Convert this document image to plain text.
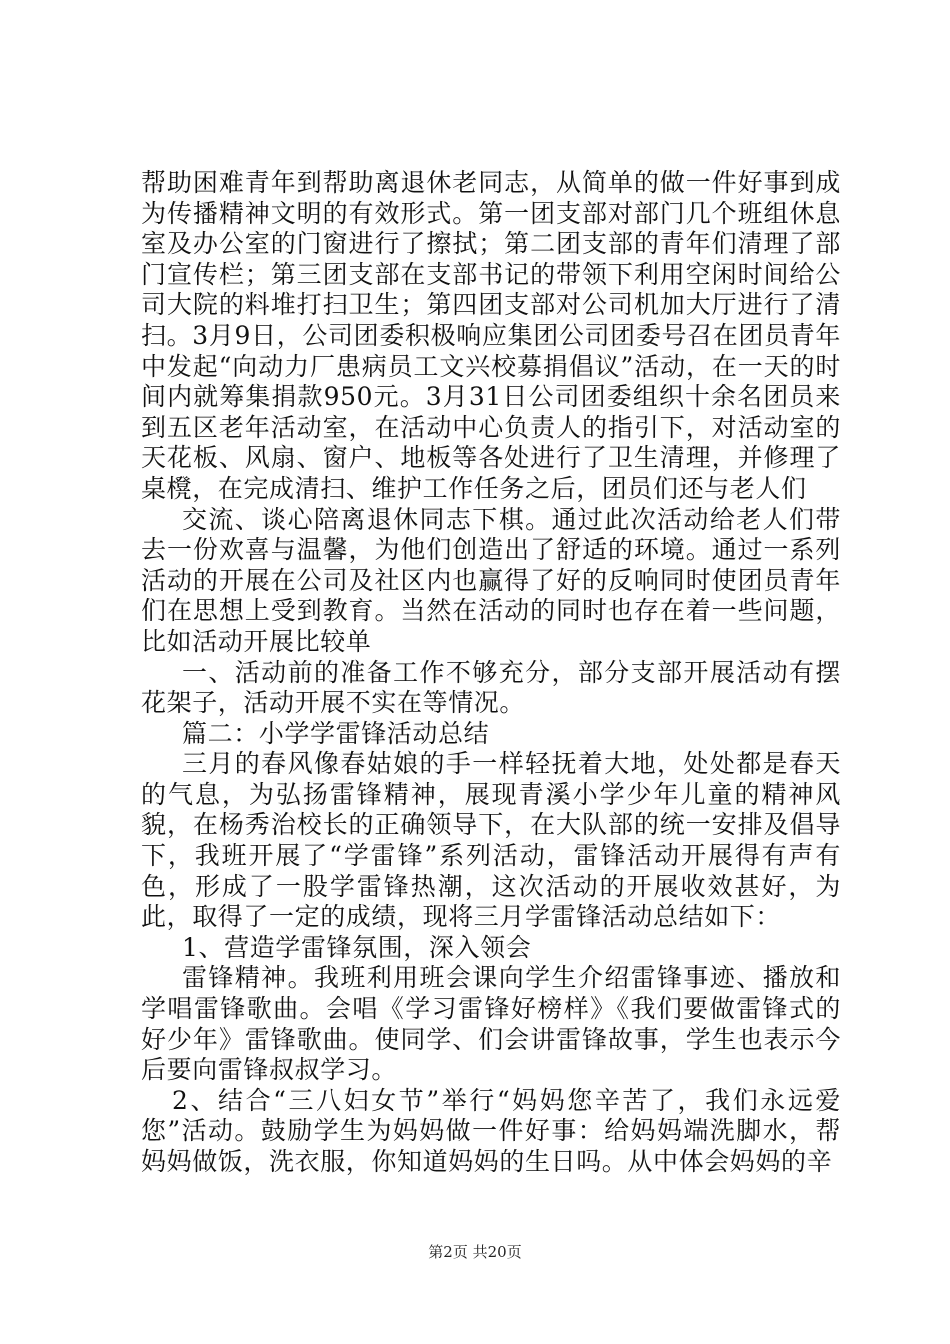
帮助困难青年到帮助离退休老同志，从简单的做一件好事到成为传播精神文明的有效形式。第一团支部对部门几个班组休息室及办公室的门窗进行了擦拭；第二团支部的青年们清理了部门宣传栏；第三团支部在支部书记的带领下利用空闲时间给公司大院的料堆打扫卫生；第四团支部对公司机加大厅进行了清扫。3月9日，公司团委积极响应集团公司团委号召在团员青年中发起“向动力厂患病员工文兴校募捐倡议”活动，在一天的时间内就筹集捐款950元。3月31日公司团委组织十余名团员来到五区老年活动室，在活动中心负责人的指引下，对活动室的天花板、风扇、窗户、地板等各处进行了卫生清理，并修理了桌櫈，在完成清扫、维护工作任务之后，团员们还与老人们

交流、谈心陪离退休同志下棋。通过此次活动给老人们带去一份欢喜与温馨，为他们创造出了舒适的环境。通过一系列活动的开展在公司及社区内也赢得了好的反响同时使团员青年们在思想上受到教育。当然在活动的同时也存在着一些问题，比如活动开展比较单

一、活动前的准备工作不够充分，部分支部开展活动有摆花架子，活动开展不实在等情况。

篇二：小学学雷锋活动总结

三月的春风像春姑娘的手一样轻抚着大地，处处都是春天的气息，为弘扬雷锋精神，展现青溪小学少年儿童的精神风貌，在杨秀治校长的正确领导下，在大队部的统一安排及倡导下，我班开展了“学雷锋”系列活动，雷锋活动开展得有声有色，形成了一股学雷锋热潮，这次活动的开展收效甚好，为此，取得了一定的成绩，现将三月学雷锋活动总结如下：

1、营造学雷锋氛围，深入领会

雷锋精神。我班利用班会课向学生介绍雷锋事迹、播放和学唱雷锋歌曲。会唱《学习雷锋好榜样》《我们要做雷锋式的好少年》雷锋歌曲。使同学、们会讲雷锋故事，学生也表示今后要向雷锋叔叔学习。

2、结合“三八妇女节”举行“妈妈您辛苦了，我们永远爱您”活动。鼓励学生为妈妈做一件好事：给妈妈端洗脚水，帮妈妈做饭，洗衣服，你知道妈妈的生日吗。从中体会妈妈的辛

第2页 共20页
